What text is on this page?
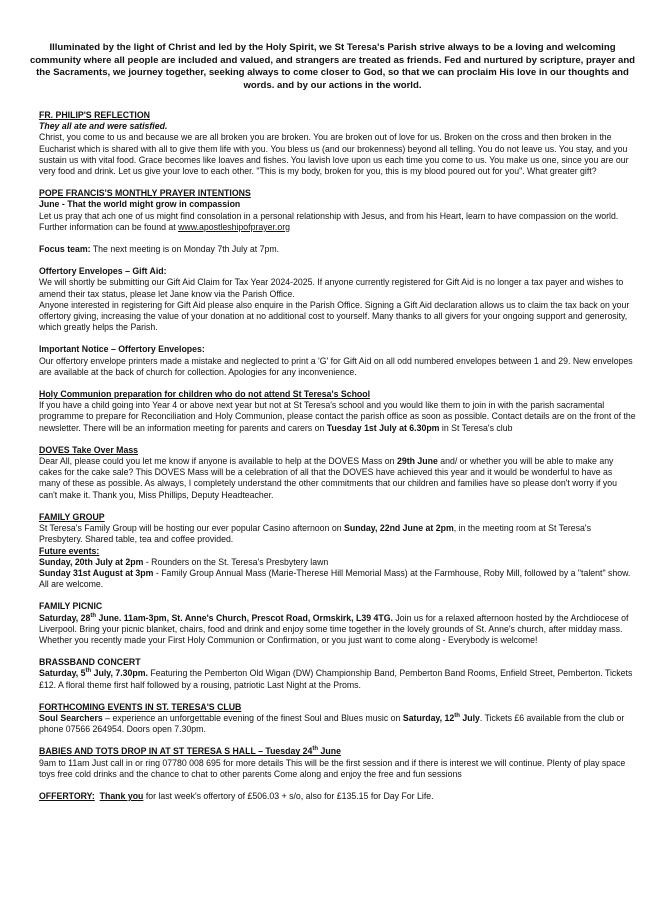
Illuminated by the light of Christ and led by the Holy Spirit, we St Teresa's Parish strive always to be a loving and welcoming community where all people are included and valued, and strangers are treated as friends. Fed and nurtured by scripture, prayer and the Sacraments, we journey together, seeking always to come closer to God, so that we can proclaim His love in our thoughts and words. and by our actions in the world.

FR. PHILIP'S REFLECTION

They all ate and were satisfied.

Christ, you come to us and because we are all broken you are broken. You are broken out of love for us. Broken on the cross and then broken in the Eucharist which is shared with all to give them life with you. You bless us (and our brokenness) beyond all telling. You do not leave us. You stay, and you sustain us with vital food. Grace becomes like loaves and fishes. You lavish love upon us each time you come to us. You make us one, since you are our very food and drink. Let us give your love to each other. "This is my body, broken for you, this is my blood poured out for you". What greater gift?

POPE FRANCIS'S MONTHLY PRAYER INTENTIONS

June - That the world might grow in compassion

Let us pray that ach one of us might find consolation in a personal relationship with Jesus, and from his Heart, learn to have compassion on the world. Further information can be found at www.apostleshipofprayer.org

Focus team: The next meeting is on Monday 7th July at 7pm.

Offertory Envelopes – Gift Aid:

We will shortly be submitting our Gift Aid Claim for Tax Year 2024-2025. If anyone currently registered for Gift Aid is no longer a tax payer and wishes to amend their tax status, please let Jane know via the Parish Office.

Anyone interested in registering for Gift Aid please also enquire in the Parish Office. Signing a Gift Aid declaration allows us to claim the tax back on your offertory giving, increasing the value of your donation at no additional cost to yourself. Many thanks to all givers for your ongoing support and generosity, which greatly helps the Parish.

Important Notice – Offertory Envelopes:

Our offertory envelope printers made a mistake and neglected to print a 'G' for Gift Aid on all odd numbered envelopes between 1 and 29. New envelopes are available at the back of church for collection. Apologies for any inconvenience.

Holy Communion preparation for children who do not attend St Teresa's School

If you have a child going into Year 4 or above next year but not at St Teresa's school and you would like them to join in with the parish sacramental programme to prepare for Reconciliation and Holy Communion, please contact the parish office as soon as possible. Contact details are on the front of the newsletter. There will be an information meeting for parents and carers on Tuesday 1st July at 6.30pm in St Teresa's club

DOVES Take Over Mass

Dear All, please could you let me know if anyone is available to help at the DOVES Mass on 29th June and/ or whether you will be able to make any cakes for the cake sale? This DOVES Mass will be a celebration of all that the DOVES have achieved this year and it would be wonderful to have as many of these as possible. As always, I completely understand the other commitments that our children and families have so please don't worry if you can't make it. Thank you, Miss Phillips, Deputy Headteacher.

FAMILY GROUP

St Teresa's Family Group will be hosting our ever popular Casino afternoon on Sunday, 22nd June at 2pm, in the meeting room at St Teresa's Presbytery. Shared table, tea and coffee provided.

Future events:

Sunday, 20th July at 2pm - Rounders on the St. Teresa's Presbytery lawn

Sunday 31st August at 3pm - Family Group Annual Mass (Marie-Therese Hill Memorial Mass) at the Farmhouse, Roby Mill, followed by a "talent" show. All are welcome.

FAMILY PICNIC

Saturday, 28th June. 11am-3pm, St. Anne's Church, Prescot Road, Ormskirk, L39 4TG. Join us for a relaxed afternoon hosted by the Archdiocese of Liverpool. Bring your picnic blanket, chairs, food and drink and enjoy some time together in the lovely grounds of St. Anne's church, after midday mass. Whether you recently made your First Holy Communion or Confirmation, or you just want to come along - Everybody is welcome!

BRASSBAND CONCERT

Saturday, 5th July, 7.30pm. Featuring the Pemberton Old Wigan (DW) Championship Band, Pemberton Band Rooms, Enfield Street, Pemberton. Tickets £12. A floral theme first half followed by a rousing, patriotic Last Night at the Proms.

FORTHCOMING EVENTS IN ST. TERESA'S CLUB

Soul Searchers – experience an unforgettable evening of the finest Soul and Blues music on Saturday, 12th July. Tickets £6 available from the club or phone 07566 264954. Doors open 7.30pm.

BABIES AND TOTS DROP IN AT ST TERESA S HALL – Tuesday 24th June

9am to 11am Just call in or ring 07780 008 695 for more details This will be the first session and if there is interest we will continue. Plenty of play space toys free cold drinks and the chance to chat to other parents Come along and enjoy the free and fun sessions

OFFERTORY: Thank you for last week's offertory of £506.03 + s/o, also for £135.15 for Day For Life.
